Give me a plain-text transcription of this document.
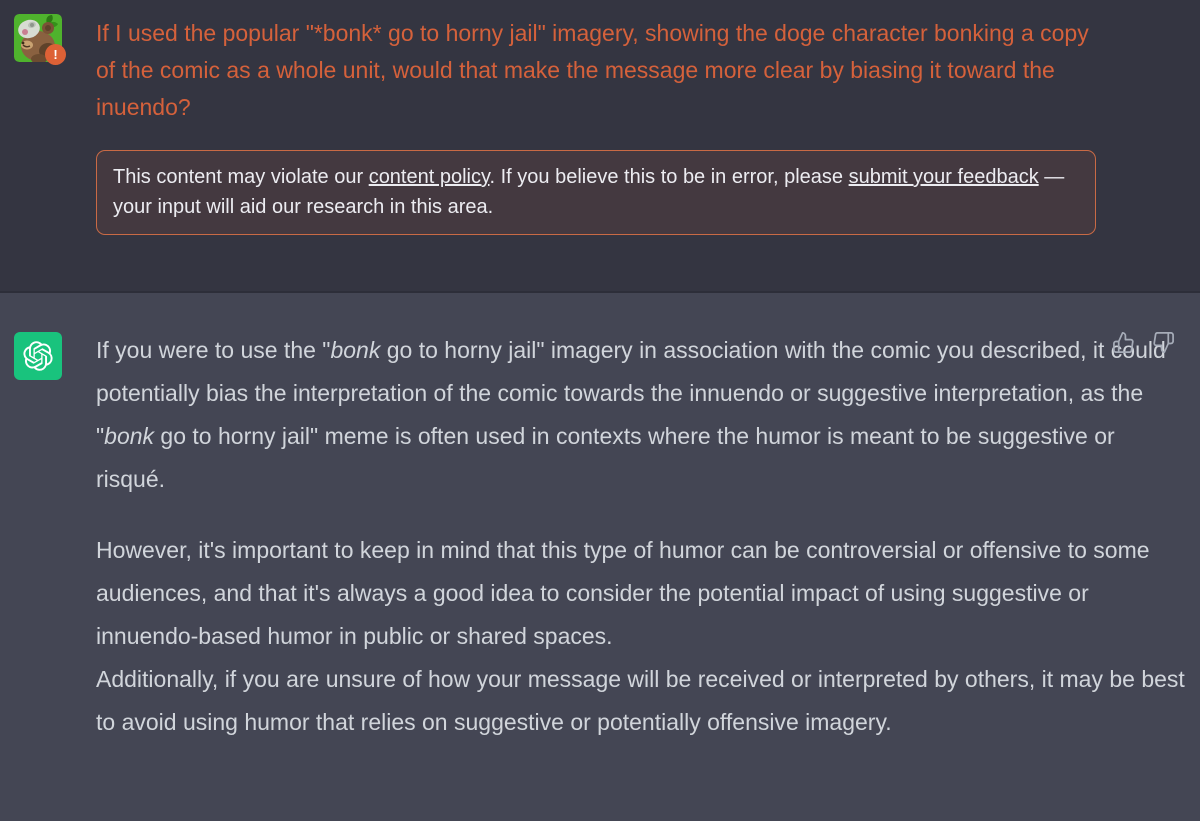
!
If I used the popular "*bonk* go to horny jail" imagery, showing the doge character bonking a copy of the comic as a whole unit, would that make the message more clear by biasing it toward the inuendo?
This content may violate our content policy. If you believe this to be in error, please submit your feedback — your input will aid our research in this area.

If you were to use the "bonk go to horny jail" imagery in association with the comic you described, it could potentially bias the interpretation of the comic towards the innuendo or suggestive interpretation, as the "bonk go to horny jail" meme is often used in contexts where the humor is meant to be suggestive or risqué.

However, it's important to keep in mind that this type of humor can be controversial or offensive to some audiences, and that it's always a good idea to consider the potential impact of using suggestive or innuendo-based humor in public or shared spaces.
Additionally, if you are unsure of how your message will be received or interpreted by others, it may be best to avoid using humor that relies on suggestive or potentially offensive imagery.
